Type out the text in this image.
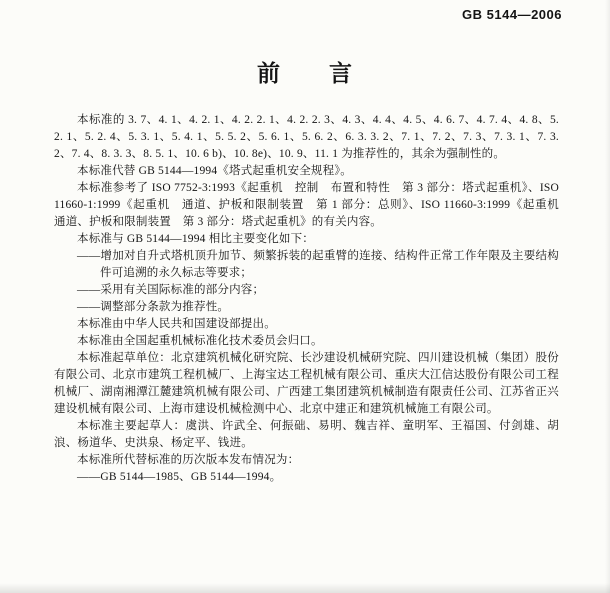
GB 5144—2006
前　　言

本标准的 3. 7、4. 1、4. 2. 1、4. 2. 2. 1、4. 2. 2. 3、4. 3、4. 4、4. 5、4. 6. 7、4. 7. 4、4. 8、5. 2. 1、5. 2. 4、5. 3. 1、5. 4. 1、5. 5. 2、5. 6. 1、5. 6. 2、6. 3. 3. 2、7. 1、7. 2、7. 3、7. 3. 1、7. 3. 2、7. 4、8. 3. 3、8. 5. 1、10. 6 b)、10. 8e)、10. 9、11. 1 为推荐性的，其余为强制性的。

本标准代替 GB 5144—1994《塔式起重机安全规程》。

本标准参考了 ISO 7752-3:1993《起重机　控制　布置和特性　第 3 部分：塔式起重机》、ISO 11660-1:1999《起重机　通道、护板和限制装置　第 1 部分：总则》、ISO 11660-3:1999《起重机　通道、护板和限制装置　第 3 部分：塔式起重机》的有关内容。

本标准与 GB 5144—1994 相比主要变化如下：

——增加对自升式塔机顶升加节、频繁拆装的起重臂的连接、结构件正常工作年限及主要结构件可追溯的永久标志等要求；

——采用有关国际标准的部分内容；

——调整部分条款为推荐性。

本标准由中华人民共和国建设部提出。

本标准由全国起重机械标准化技术委员会归口。

本标准起草单位：北京建筑机械化研究院、长沙建设机械研究院、四川建设机械（集团）股份有限公司、北京市建筑工程机械厂、上海宝达工程机械有限公司、重庆大江信达股份有限公司工程机械厂、湖南湘潭江麓建筑机械有限公司、广西建工集团建筑机械制造有限责任公司、江苏省正兴建设机械有限公司、上海市建设机械检测中心、北京中建正和建筑机械施工有限公司。

本标准主要起草人：虞洪、许武全、何振础、易明、魏吉祥、童明军、王福国、付剑雄、胡浪、杨道华、史洪泉、杨定平、钱进。

本标准所代替标准的历次版本发布情况为：

——GB 5144—1985、GB 5144—1994。
